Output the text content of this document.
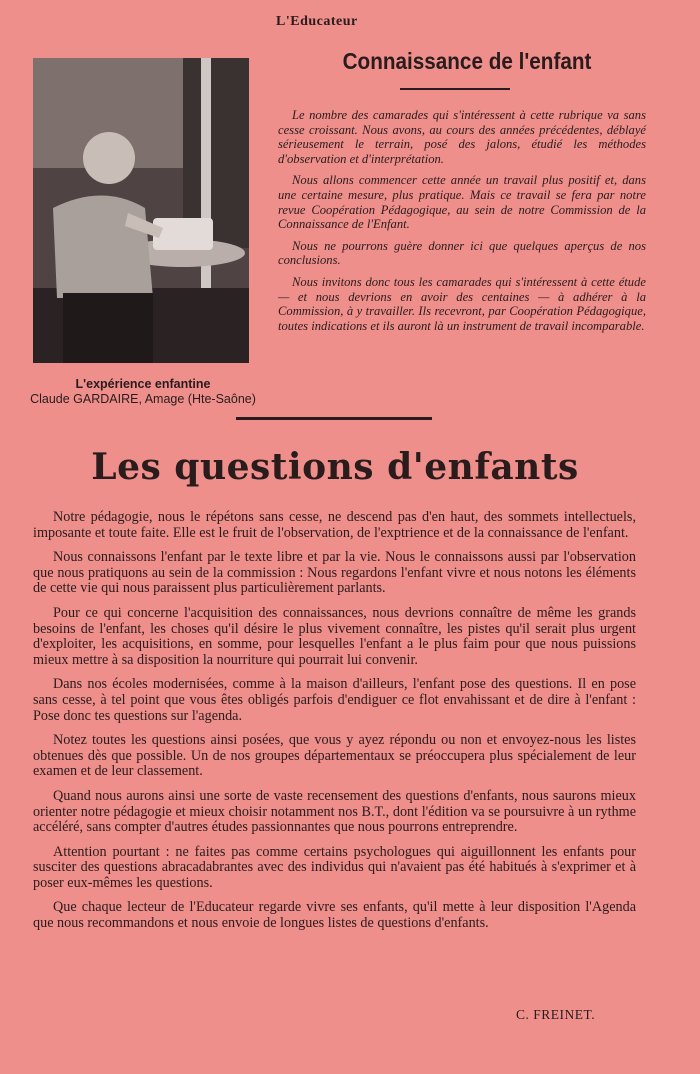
L'Educateur
L'expérience enfantine
Claude GARDAIRE, Amage (Hte-Saône)
Connaissance de l'enfant

Le nombre des camarades qui s'intéressent à cette rubrique va sans cesse croissant. Nous avons, au cours des années précédentes, déblayé sérieusement le terrain, posé des jalons, étudié les méthodes d'observation et d'interprétation.

Nous allons commencer cette année un travail plus positif et, dans une certaine mesure, plus pratique. Mais ce travail se fera par notre revue Coopération Pédagogique, au sein de notre Commission de la Connaissance de l'Enfant.

Nous ne pourrons guère donner ici que quelques aperçus de nos conclusions.

Nous invitons donc tous les camarades qui s'intéressent à cette étude — et nous devrions en avoir des centaines — à adhérer à la Commission, à y travailler. Ils recevront, par Coopération Pédagogique, toutes indications et ils auront là un instrument de travail incomparable.

Les questions d'enfants

Notre pédagogie, nous le répétons sans cesse, ne descend pas d'en haut, des sommets intellectuels, imposante et toute faite. Elle est le fruit de l'observation, de l'exptrience et de la connaissance de l'enfant.

Nous connaissons l'enfant par le texte libre et par la vie. Nous le connaissons aussi par l'observation que nous pratiquons au sein de la commission : Nous regardons l'enfant vivre et nous notons les éléments de cette vie qui nous paraissent plus particulièrement parlants.

Pour ce qui concerne l'acquisition des connaissances, nous devrions connaître de même les grands besoins de l'enfant, les choses qu'il désire le plus vivement connaître, les pistes qu'il serait plus urgent d'exploiter, les acquisitions, en somme, pour lesquelles l'enfant a le plus faim pour que nous puissions mieux mettre à sa disposition la nourriture qui pourrait lui convenir.

Dans nos écoles modernisées, comme à la maison d'ailleurs, l'enfant pose des questions. Il en pose sans cesse, à tel point que vous êtes obligés parfois d'endiguer ce flot envahissant et de dire à l'enfant : Pose donc tes questions sur l'agenda.

Notez toutes les questions ainsi posées, que vous y ayez répondu ou non et envoyez-nous les listes obtenues dès que possible. Un de nos groupes départementaux se préoccupera plus spécialement de leur examen et de leur classement.

Quand nous aurons ainsi une sorte de vaste recensement des questions d'enfants, nous saurons mieux orienter notre pédagogie et mieux choisir notamment nos B.T., dont l'édition va se poursuivre à un rythme accéléré, sans compter d'autres études passionnantes que nous pourrons entreprendre.

Attention pourtant : ne faites pas comme certains psychologues qui aiguillonnent les enfants pour susciter des questions abracadabrantes avec des individus qui n'avaient pas été habitués à s'exprimer et à poser eux-mêmes les questions.

Que chaque lecteur de l'Educateur regarde vivre ses enfants, qu'il mette à leur disposition l'Agenda que nous recommandons et nous envoie de longues listes de questions d'enfants.

C. FREINET.
